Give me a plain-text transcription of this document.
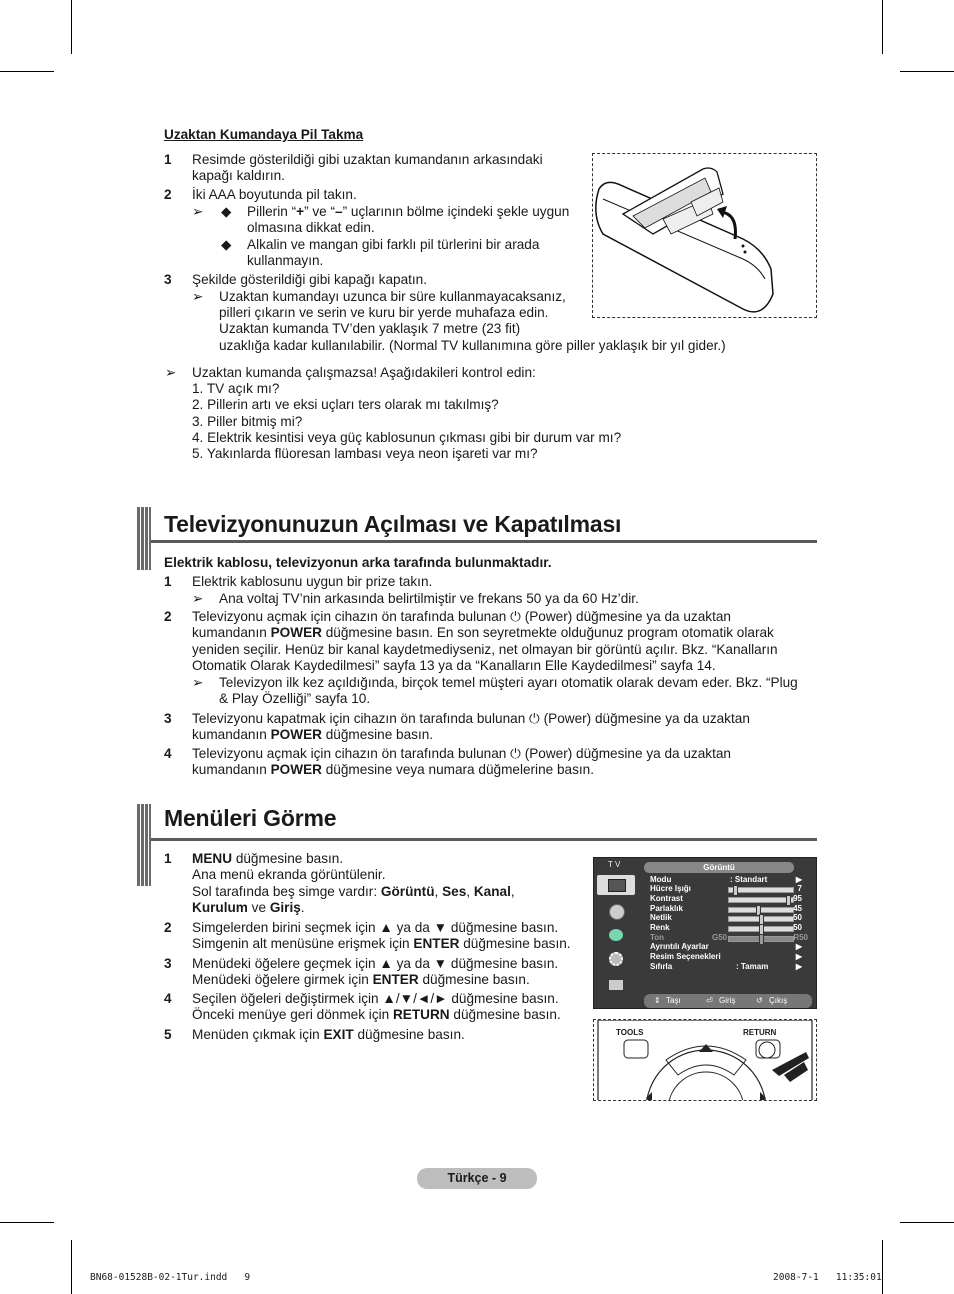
Uzaktan Kumandaya Pil Takma
1 Resimde gösterildiği gibi uzaktan kumandanın arkasındaki
kapağı kaldırın.
2 İki AAA boyutunda pil takın.
➢ ◆ Pillerin “+” ve “–” uçlarının bölme içindeki şekle uygun
olmasına dikkat edin.
◆ Alkalin ve mangan gibi farklı pil türlerini bir arada
kullanmayın.
3 Şekilde gösterildiği gibi kapağı kapatın.
➢ Uzaktan kumandayı uzunca bir süre kullanmayacaksanız,
pilleri çıkarın ve serin ve kuru bir yerde muhafaza edin.
Uzaktan kumanda TV’den yaklaşık 7 metre (23 fit)
uzaklığa kadar kullanılabilir. (Normal TV kullanımına göre piller yaklaşık bir yıl gider.)
➢ Uzaktan kumanda çalışmazsa! Aşağıdakileri kontrol edin:
1. TV açık mı?
2. Pillerin artı ve eksi uçları ters olarak mı takılmış?
3. Piller bitmiş mi?
4. Elektrik kesintisi veya güç kablosunun çıkması gibi bir durum var mı?
5. Yakınlarda flüoresan lambası veya neon işareti var mı?
Televizyonunuzun Açılması ve Kapatılması
Elektrik kablosu, televizyonun arka tarafında bulunmaktadır.
1 Elektrik kablosunu uygun bir prize takın.
➢ Ana voltaj TV’nin arkasında belirtilmiştir ve frekans 50 ya da 60 Hz’dir.
2 Televizyonu açmak için cihazın ön tarafında bulunan ⏻ (Power) düğmesine ya da uzaktan
kumandanın POWER düğmesine basın. En son seyretmekte olduğunuz program otomatik olarak
yeniden seçilir. Henüz bir kanal kaydetmediyseniz, net olmayan bir görüntü açılır. Bkz. “Kanalların
Otomatik Olarak Kaydedilmesi” sayfa 13 ya da “Kanalların Elle Kaydedilmesi” sayfa 14.
➢ Televizyon ilk kez açıldığında, birçok temel müşteri ayarı otomatik olarak devam eder. Bkz. “Plug
& Play Özelliği” sayfa 10.
3 Televizyonu kapatmak için cihazın ön tarafında bulunan ⏻ (Power) düğmesine ya da uzaktan
kumandanın POWER düğmesine basın.
4 Televizyonu açmak için cihazın ön tarafında bulunan ⏻ (Power) düğmesine ya da uzaktan
kumandanın POWER düğmesine veya numara düğmelerine basın.
Menüleri Görme
1 MENU düğmesine basın.
Ana menü ekranda görüntülenir.
Sol tarafında beş simge vardır: Görüntü, Ses, Kanal,
Kurulum ve Giriş.
2 Simgelerden birini seçmek için ▲ ya da ▼ düğmesine basın.
Simgenin alt menüsüne erişmek için ENTER düğmesine basın.
3 Menüdeki öğelere geçmek için ▲ ya da ▼ düğmesine basın.
Menüdeki öğelere girmek için ENTER düğmesine basın.
4 Seçilen öğeleri değiştirmek için ▲/▼/◄/► düğmesine basın.
Önceki menüye geri dönmek için RETURN düğmesine basın.
5 Menüden çıkmak için EXIT düğmesine basın.
T V	Görüntü
Modu	: Standart	▶
Hücre Işığı	7
Kontrast	95
Parlaklık	45
Netlik	50
Renk	50
Ton	G50	R50
Ayrıntılı Ayarlar	▶
Resim Seçenekleri	▶
Sıfırla	: Tamam	▶
⇕ Taşı	⏎ Giriş	↺ Çıkış
TOOLS	RETURN
Türkçe - 9
BN68-01528B-02-1Tur.indd   9	2008-7-1   11:35:01
